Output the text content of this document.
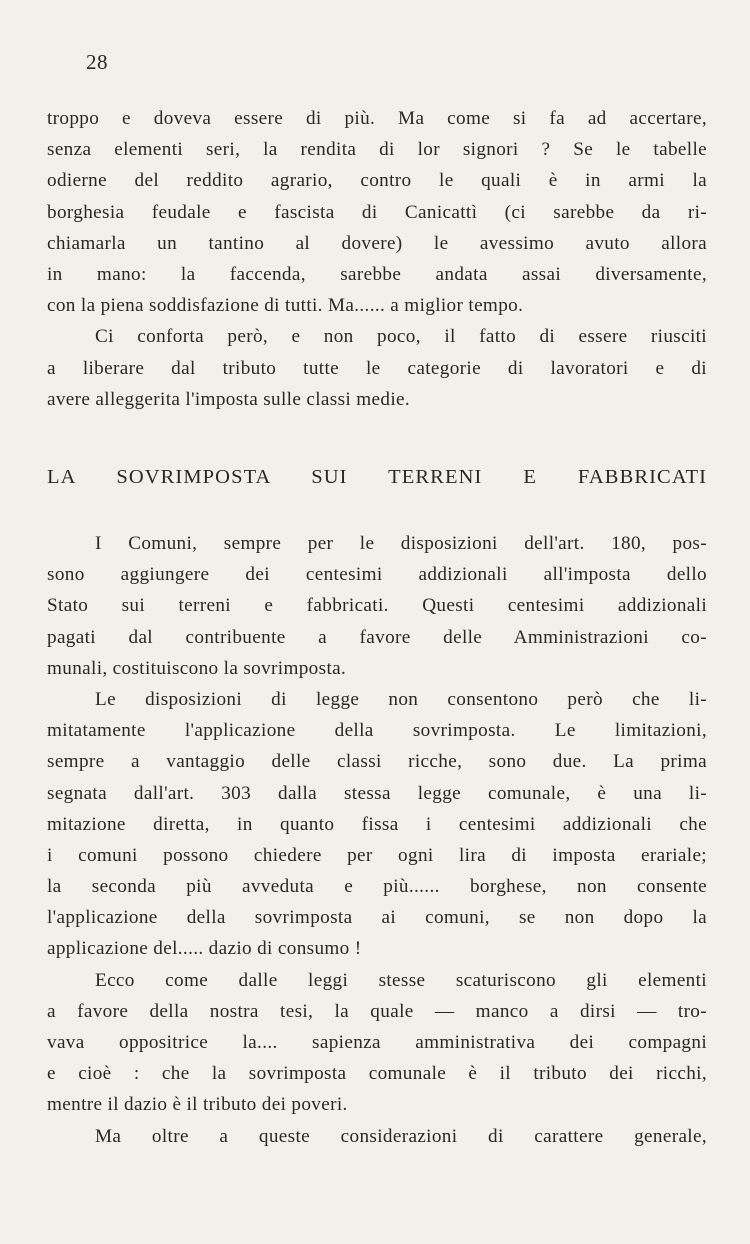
28
troppo e doveva essere di più. Ma come si fa ad accertare,
senza elementi seri, la rendita di lor signori ? Se le tabelle
odierne del reddito agrario, contro le quali è in armi la
borghesia feudale e fascista di Canicattì (ci sarebbe da ri-
chiamarla un tantino al dovere) le avessimo avuto allora
in mano: la faccenda, sarebbe andata assai diversamente,
con la piena soddisfazione di tutti. Ma...... a miglior tempo.
Ci conforta però, e non poco, il fatto di essere riusciti
a liberare dal tributo tutte le categorie di lavoratori e di
avere alleggerita l'imposta sulle classi medie.
LA SOVRIMPOSTA SUI TERRENI E FABBRICATI
I Comuni, sempre per le disposizioni dell'art. 180, pos-
sono aggiungere dei centesimi addizionali all'imposta dello
Stato sui terreni e fabbricati. Questi centesimi addizionali
pagati dal contribuente a favore delle Amministrazioni co-
munali, costituiscono la sovrimposta.
Le disposizioni di legge non consentono però che li-
mitatamente l'applicazione della sovrimposta. Le limitazioni,
sempre a vantaggio delle classi ricche, sono due. La prima
segnata dall'art. 303 dalla stessa legge comunale, è una li-
mitazione diretta, in quanto fissa i centesimi addizionali che
i comuni possono chiedere per ogni lira di imposta erariale;
la seconda più avveduta e più...... borghese, non consente
l'applicazione della sovrimposta ai comuni, se non dopo la
applicazione del..... dazio di consumo !
Ecco come dalle leggi stesse scaturiscono gli elementi
a favore della nostra tesi, la quale — manco a dirsi — tro-
vava oppositrice la.... sapienza amministrativa dei compagni
e cioè : che la sovrimposta comunale è il tributo dei ricchi,
mentre il dazio è il tributo dei poveri.
Ma oltre a queste considerazioni di carattere generale,
